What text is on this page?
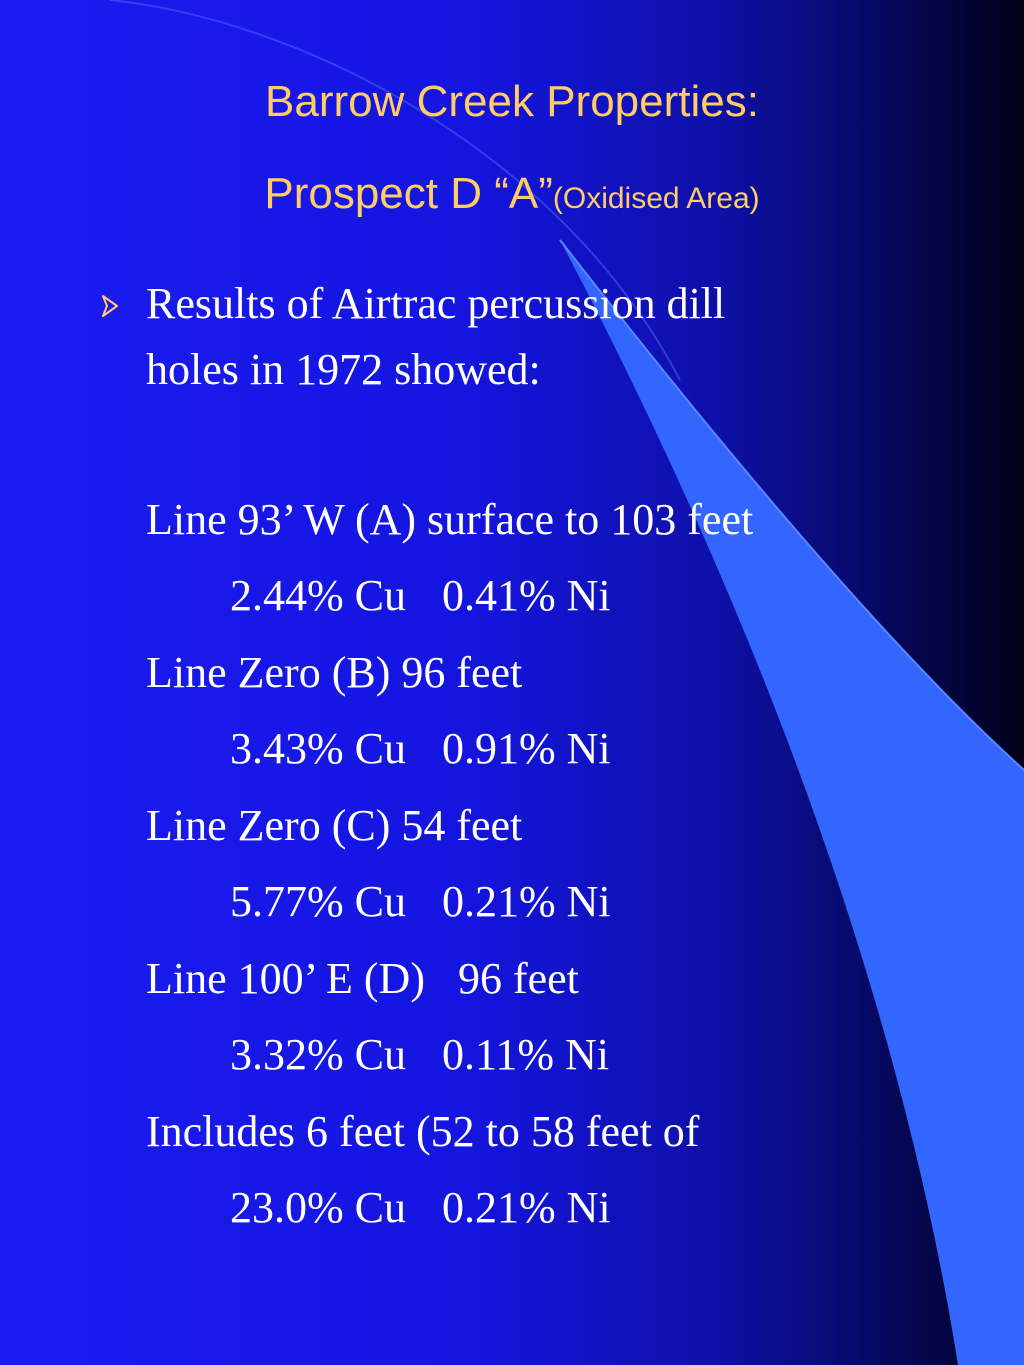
Barrow Creek Properties:
Prospect D “A”(Oxidised Area)
Results of Airtrac percussion dill
holes in 1972 showed:
Line 93’ W (A) surface to 103 feet
2.44% Cu 0.41% Ni
Line Zero (B) 96 feet
3.43% Cu 0.91% Ni
Line Zero (C) 54 feet
5.77% Cu 0.21% Ni
Line 100’ E (D)   96 feet
3.32% Cu 0.11% Ni
Includes 6 feet (52 to 58 feet of
23.0% Cu 0.21% Ni
